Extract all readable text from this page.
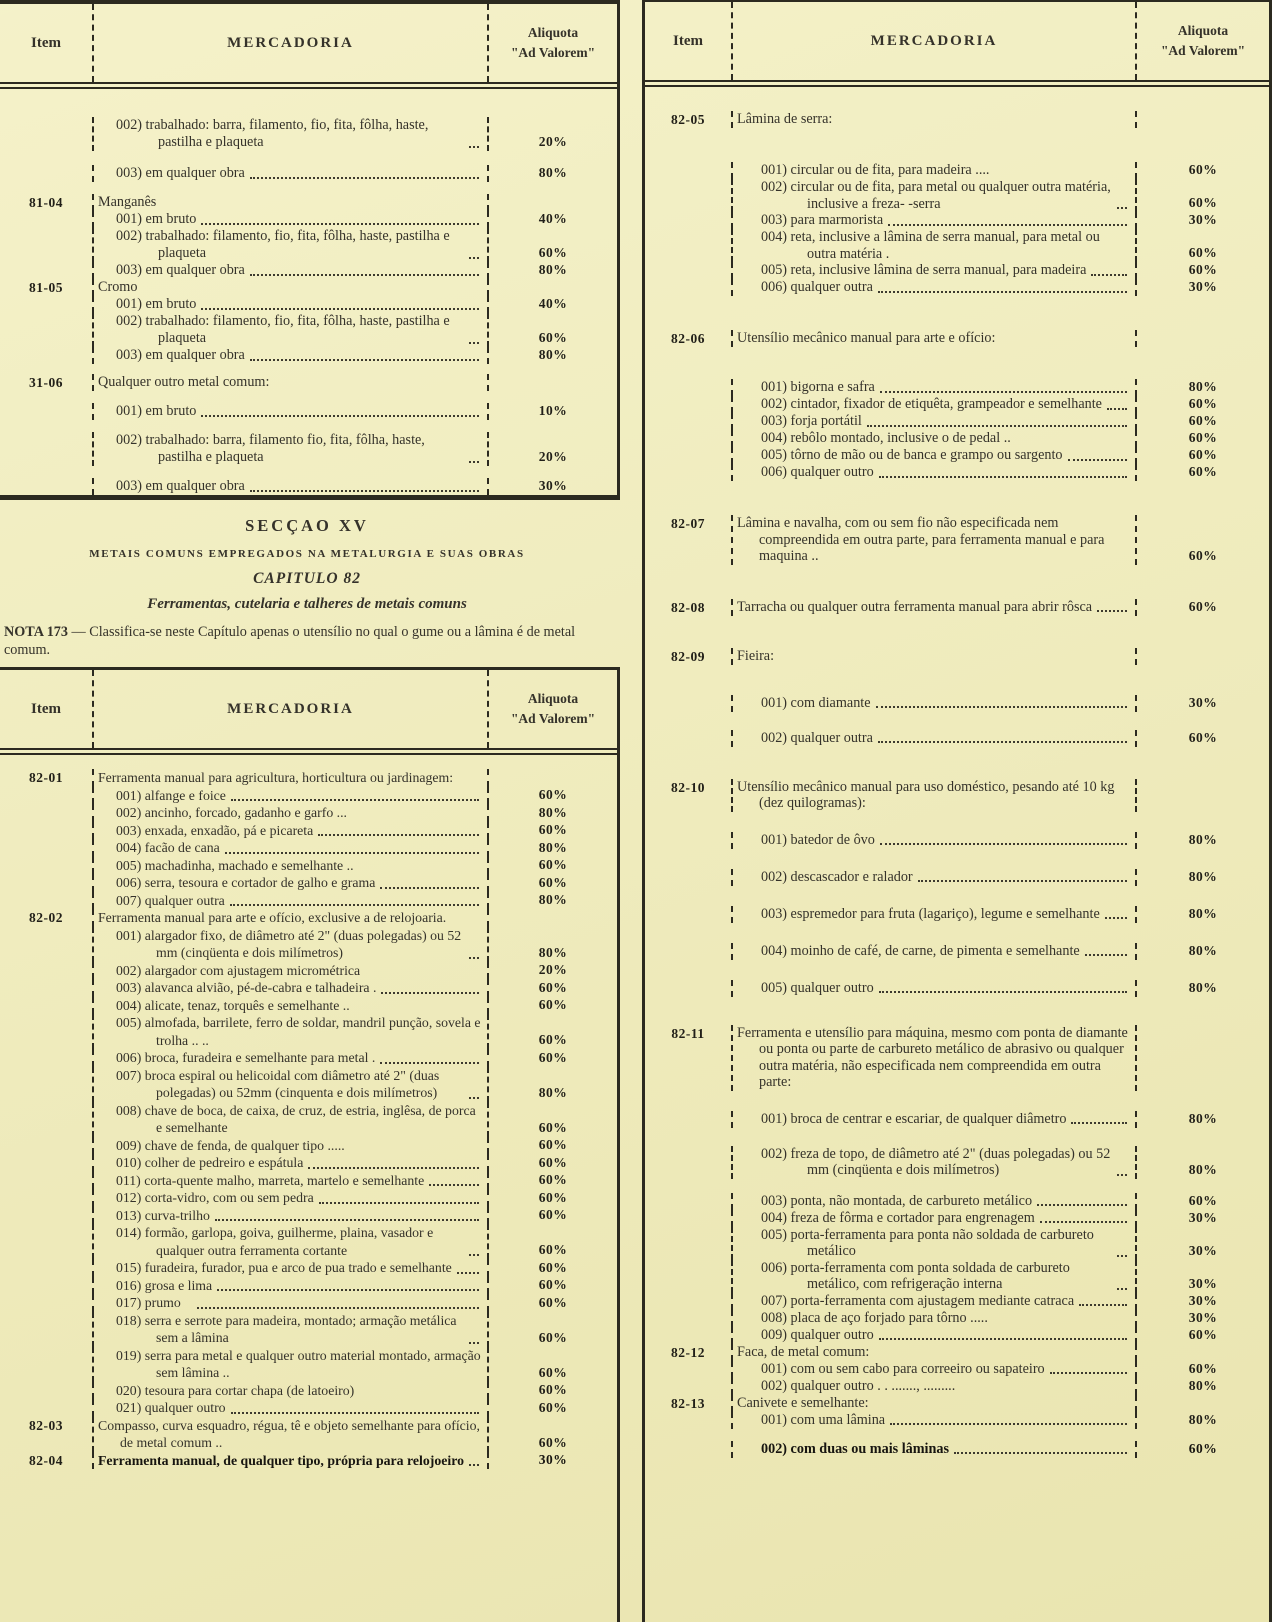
Item	MERCADORIA
Aliquota
"Ad Valorem"
002) trabalhado: barra, filamento, fio, fita, fôlha, haste, pastilha e plaqueta	20%
003) em qualquer obra	80%
81-04	Manganês
001) em bruto	40%
002) trabalhado: filamento, fio, fita, fôlha, haste, pastilha e plaqueta	60%
003) em qualquer obra	80%
81-05	Cromo
001) em bruto	40%
002) trabalhado: filamento, fio, fita, fôlha, haste, pastilha e plaqueta	60%
003) em qualquer obra	80%
31-06	Qualquer outro metal comum:
001) em bruto	10%
002) trabalhado: barra, filamento fio, fita, fôlha, haste, pastilha e plaqueta	20%
003) em qualquer obra	30%
SECÇAO XV
METAIS COMUNS EMPREGADOS NA METALURGIA E SUAS OBRAS
CAPITULO 82
Ferramentas, cutelaria e talheres de metais comuns

NOTA 173 — Classifica-se neste Capítulo apenas o utensílio no qual o gume ou a lâmina é de metal comum.

Item	MERCADORIA
Aliquota
"Ad Valorem"
82-01	Ferramenta manual para agricultura, horticultura ou jardinagem:
001) alfange e foice	60%
002) ancinho, forcado, gadanho e garfo ...	80%
003) enxada, enxadão, pá e picareta	60%
004) facão de cana	80%
005) machadinha, machado e semelhante ..	60%
006) serra, tesoura e cortador de galho e grama	60%
007) qualquer outra	80%
82-02	Ferramenta manual para arte e ofício, exclusive a de relojoaria.
001) alargador fixo, de diâmetro até 2" (duas polegadas) ou 52 mm (cinqüenta e dois milímetros)	80%
002) alargador com ajustagem micrométrica	20%
003) alavanca alvião, pé-de-cabra e talhadeira .	60%
004) alicate, tenaz, torquês e semelhante ..	60%
005) almofada, barrilete, ferro de soldar, mandril punção, sovela e trolha .. ..	60%
006) broca, furadeira e semelhante para metal .	60%
007) broca espiral ou helicoidal com diâmetro até 2" (duas polegadas) ou 52mm (cinquenta e dois milímetros)	80%
008) chave de boca, de caixa, de cruz, de estria, inglêsa, de porca e semelhante	60%
009) chave de fenda, de qualquer tipo .....	60%
010) colher de pedreiro e espátula	60%
011) corta-quente malho, marreta, martelo e semelhante	60%
012) corta-vidro, com ou sem pedra	60%
013) curva-trilho	60%
014) formão, garlopa, goiva, guilherme, plaina, vasador e qualquer outra ferramenta cortante	60%
015) furadeira, furador, pua e arco de pua trado e semelhante	60%
016) grosa e lima	60%
017) prumo	60%
018) serra e serrote para madeira, montado; armação metálica sem a lâmina	60%
019) serra para metal e qualquer outro material montado, armação sem lâmina ..	60%
020) tesoura para cortar chapa (de latoeiro)	60%
021) qualquer outro	60%
82-03	Compasso, curva esquadro, régua, tê e objeto semelhante para ofício, de metal comum ..	60%
82-04	Ferramenta manual, de qualquer tipo, própria para relojoeiro	30%
Item	MERCADORIA
Aliquota
"Ad Valorem"
82-05	Lâmina de serra:
001) circular ou de fita, para madeira ....	60%
002) circular ou de fita, para metal ou qualquer outra matéria, inclusive a freza- -serra	60%
003) para marmorista	30%
004) reta, inclusive a lâmina de serra manual, para metal ou outra matéria .	60%
005) reta, inclusive lâmina de serra manual, para madeira	60%
006) qualquer outra	30%
82-06	Utensílio mecânico manual para arte e ofício:
001) bigorna e safra	80%
002) cintador, fixador de etiquêta, grampeador e semelhante	60%
003) forja portátil	60%
004) rebôlo montado, inclusive o de pedal ..	60%
005) tôrno de mão ou de banca e grampo ou sargento	60%
006) qualquer outro	60%
82-07	Lâmina e navalha, com ou sem fio não especificada nem compreendida em outra parte, para ferramenta manual e para maquina ..	60%
82-08	Tarracha ou qualquer outra ferramenta manual para abrir rôsca	60%
82-09	Fieira:
001) com diamante	30%
002) qualquer outra	60%
82-10	Utensílio mecânico manual para uso doméstico, pesando até 10 kg (dez quilogramas):
001) batedor de ôvo	80%
002) descascador e ralador	80%
003) espremedor para fruta (lagariço), legume e semelhante	80%
004) moinho de café, de carne, de pimenta e semelhante	80%
005) qualquer outro	80%
82-11	Ferramenta e utensílio para máquina, mesmo com ponta de diamante ou ponta ou parte de carbureto metálico de abrasivo ou qualquer outra matéria, não especificada nem compreendida em outra parte:
001) broca de centrar e escariar, de qualquer diâmetro	80%
002) freza de topo, de diâmetro até 2" (duas polegadas) ou 52 mm (cinqüenta e dois milímetros)	80%
003) ponta, não montada, de carbureto metálico	60%
004) freza de fôrma e cortador para engrenagem	30%
005) porta-ferramenta para ponta não soldada de carbureto metálico	30%
006) porta-ferramenta com ponta soldada de carbureto metálico, com refrigeração interna	30%
007) porta-ferramenta com ajustagem mediante catraca	30%
008) placa de aço forjado para tôrno .....	30%
009) qualquer outro	60%
82-12	Faca, de metal comum:
001) com ou sem cabo para correeiro ou sapateiro	60%
002) qualquer outro . . ......., .........	80%
82-13	Canivete e semelhante:
001) com uma lâmina	80%
002) com duas ou mais lâminas	60%
